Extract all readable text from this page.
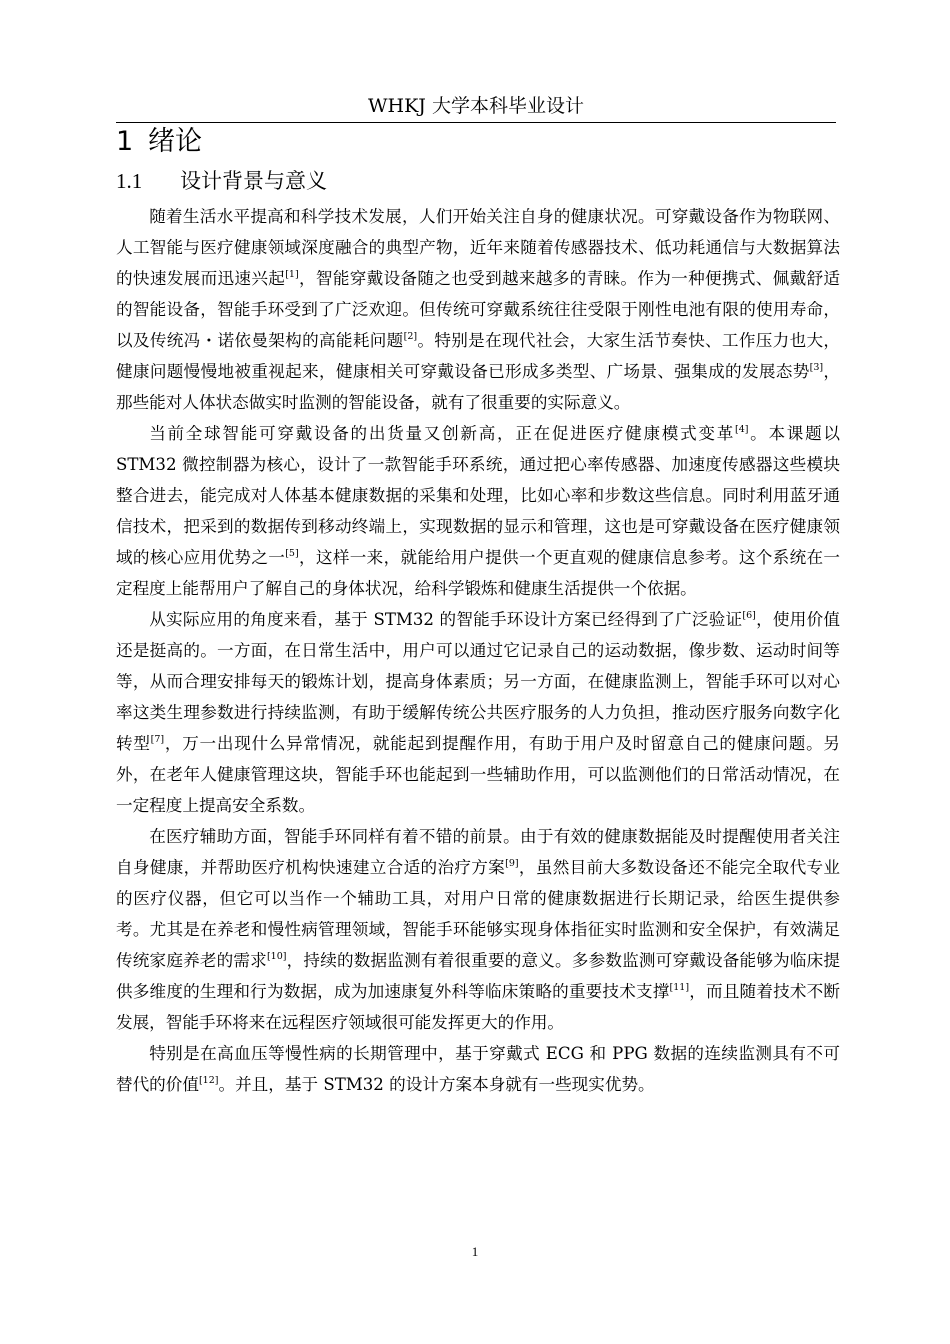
WHKJ 大学本科毕业设计
1 绪论
1.1 设计背景与意义

随着生活水平提高和科学技术发展，人们开始关注自身的健康状况。可穿戴设备作为物联网、人工智能与医疗健康领域深度融合的典型产物，近年来随着传感器技术、低功耗通信与大数据算法的快速发展而迅速兴起[1]，智能穿戴设备随之也受到越来越多的青睐。作为一种便携式、佩戴舒适的智能设备，智能手环受到了广泛欢迎。但传统可穿戴系统往往受限于刚性电池有限的使用寿命，以及传统冯・诺依曼架构的高能耗问题[2]。特别是在现代社会，大家生活节奏快、工作压力也大，健康问题慢慢地被重视起来，健康相关可穿戴设备已形成多类型、广场景、强集成的发展态势[3]，那些能对人体状态做实时监测的智能设备，就有了很重要的实际意义。

当前全球智能可穿戴设备的出货量又创新高，正在促进医疗健康模式变革[4]。本课题以 STM32 微控制器为核心，设计了一款智能手环系统，通过把心率传感器、加速度传感器这些模块整合进去，能完成对人体基本健康数据的采集和处理，比如心率和步数这些信息。同时利用蓝牙通信技术，把采到的数据传到移动终端上，实现数据的显示和管理，这也是可穿戴设备在医疗健康领域的核心应用优势之一[5]，这样一来，就能给用户提供一个更直观的健康信息参考。这个系统在一定程度上能帮用户了解自己的身体状况，给科学锻炼和健康生活提供一个依据。

从实际应用的角度来看，基于 STM32 的智能手环设计方案已经得到了广泛验证[6]，使用价值还是挺高的。一方面，在日常生活中，用户可以通过它记录自己的运动数据，像步数、运动时间等等，从而合理安排每天的锻炼计划，提高身体素质；另一方面，在健康监测上，智能手环可以对心率这类生理参数进行持续监测，有助于缓解传统公共医疗服务的人力负担，推动医疗服务向数字化转型[7]，万一出现什么异常情况，就能起到提醒作用，有助于用户及时留意自己的健康问题。另外，在老年人健康管理这块，智能手环也能起到一些辅助作用，可以监测他们的日常活动情况，在一定程度上提高安全系数。

在医疗辅助方面，智能手环同样有着不错的前景。由于有效的健康数据能及时提醒使用者关注自身健康，并帮助医疗机构快速建立合适的治疗方案[9]，虽然目前大多数设备还不能完全取代专业的医疗仪器，但它可以当作一个辅助工具，对用户日常的健康数据进行长期记录，给医生提供参考。尤其是在养老和慢性病管理领域，智能手环能够实现身体指征实时监测和安全保护，有效满足传统家庭养老的需求[10]，持续的数据监测有着很重要的意义。多参数监测可穿戴设备能够为临床提供多维度的生理和行为数据，成为加速康复外科等临床策略的重要技术支撑[11]，而且随着技术不断发展，智能手环将来在远程医疗领域很可能发挥更大的作用。

特别是在高血压等慢性病的长期管理中，基于穿戴式 ECG 和 PPG 数据的连续监测具有不可替代的价值[12]。并且，基于 STM32 的设计方案本身就有一些现实优势。

1
